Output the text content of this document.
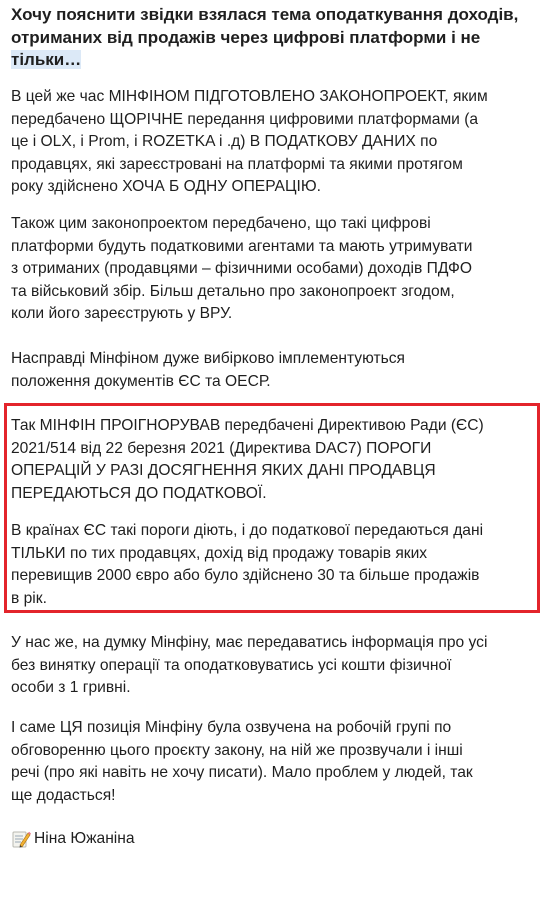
Хочу пояснити звідки взялася тема оподаткування доходів,
отриманих від продажів через цифрові платформи і не
тільки…
В цей же час МІНФІНОМ ПІДГОТОВЛЕНО ЗАКОНОПРОЕКТ, яким
передбачено ЩОРІЧНЕ передання цифровими платформами (а
це і OLX, і Prom, і ROZETKA і .д) В ПОДАТКОВУ ДАНИХ по
продавцях, які зареєстровані на платформі та якими протягом
року здійснено ХОЧА Б ОДНУ ОПЕРАЦІЮ.
Також цим законопроектом передбачено, що такі цифрові
платформи будуть податковими агентами та мають утримувати
з отриманих (продавцями – фізичними особами) доходів ПДФО
та військовий збір. Більш детально про законопроект згодом,
коли його зареєструють у ВРУ.
Насправді Мінфіном дуже вибірково імплементуються
положення документів ЄС та ОЕСР.
Так МІНФІН ПРОІГНОРУВАВ передбачені Директивою Ради (ЄС)
2021/514 від 22 березня 2021 (Директива DAC7) ПОРОГИ
ОПЕРАЦІЙ У РАЗІ ДОСЯГНЕННЯ ЯКИХ ДАНІ ПРОДАВЦЯ
ПЕРЕДАЮТЬСЯ ДО ПОДАТКОВОЇ.
В країнах ЄС такі пороги діють, і до податкової передаються дані
ТІЛЬКИ по тих продавцях, дохід від продажу товарів яких
перевищив 2000 євро або було здійснено 30 та більше продажів
в рік.
У нас же, на думку Мінфіну, має передаватись інформація про усі
без винятку операції та оподатковуватись усі кошти фізичної
особи з 1 гривні.
І саме ЦЯ позиція Мінфіну була озвучена на робочій групі по
обговоренню цього проєкту закону, на ній же прозвучали і інші
речі (про які навіть не хочу писати). Мало проблем у людей, так
ще додасться!
Ніна Южаніна
